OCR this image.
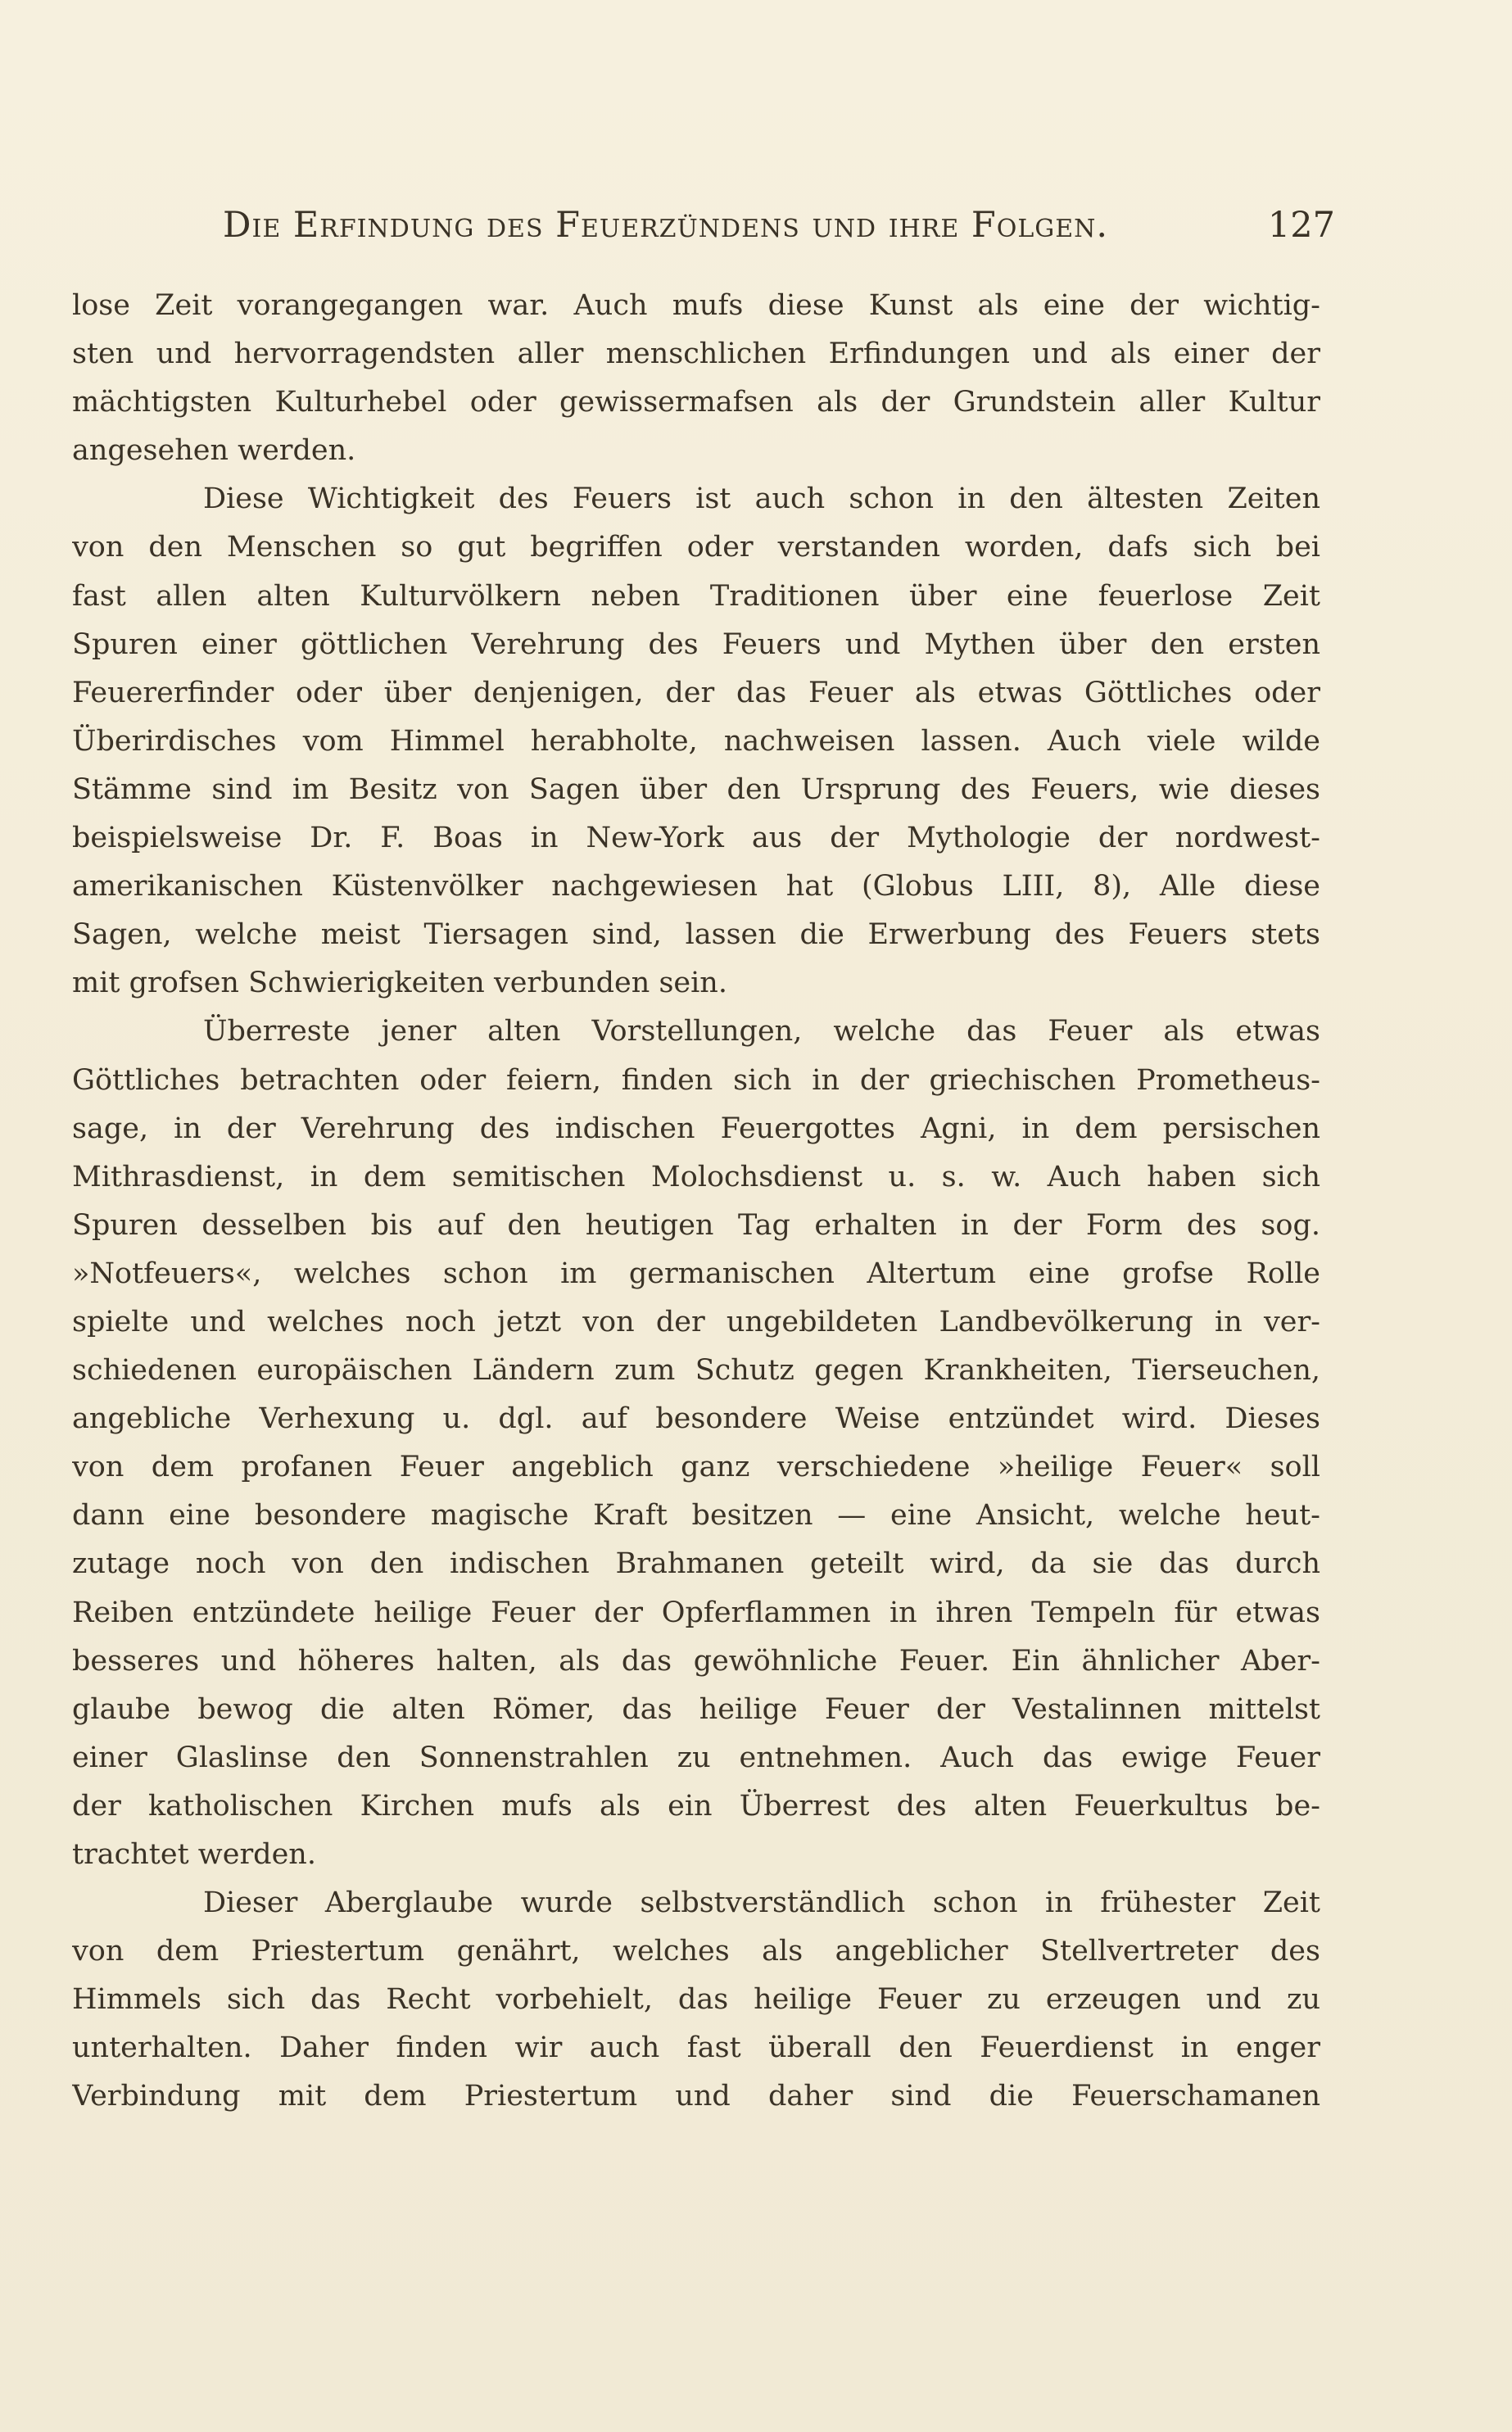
Die Erfindung des Feuerzündens und ihre Folgen.	127
lose Zeit vorangegangen war. Auch mufs diese Kunst als eine der wichtig-
sten und hervorragendsten aller menschlichen Erfindungen und als einer der
mächtigsten Kulturhebel oder gewissermafsen als der Grundstein aller Kultur
angesehen werden.
Diese Wichtigkeit des Feuers ist auch schon in den ältesten Zeiten
von den Menschen so gut begriffen oder verstanden worden, dafs sich bei
fast allen alten Kulturvölkern neben Traditionen über eine feuerlose Zeit
Spuren einer göttlichen Verehrung des Feuers und Mythen über den ersten
Feuererfinder oder über denjenigen, der das Feuer als etwas Göttliches oder
Überirdisches vom Himmel herabholte, nachweisen lassen. Auch viele wilde
Stämme sind im Besitz von Sagen über den Ursprung des Feuers, wie dieses
beispielsweise Dr. F. Boas in New-York aus der Mythologie der nordwest-
amerikanischen Küstenvölker nachgewiesen hat (Globus LIII, 8), Alle diese
Sagen, welche meist Tiersagen sind, lassen die Erwerbung des Feuers stets
mit grofsen Schwierigkeiten verbunden sein.
Überreste jener alten Vorstellungen, welche das Feuer als etwas
Göttliches betrachten oder feiern, finden sich in der griechischen Prometheus-
sage, in der Verehrung des indischen Feuergottes Agni, in dem persischen
Mithrasdienst, in dem semitischen Molochsdienst u. s. w. Auch haben sich
Spuren desselben bis auf den heutigen Tag erhalten in der Form des sog.
»Notfeuers«, welches schon im germanischen Altertum eine grofse Rolle
spielte und welches noch jetzt von der ungebildeten Landbevölkerung in ver-
schiedenen europäischen Ländern zum Schutz gegen Krankheiten, Tierseuchen,
angebliche Verhexung u. dgl. auf besondere Weise entzündet wird. Dieses
von dem profanen Feuer angeblich ganz verschiedene »heilige Feuer« soll
dann eine besondere magische Kraft besitzen — eine Ansicht, welche heut-
zutage noch von den indischen Brahmanen geteilt wird, da sie das durch
Reiben entzündete heilige Feuer der Opferflammen in ihren Tempeln für etwas
besseres und höheres halten, als das gewöhnliche Feuer. Ein ähnlicher Aber-
glaube bewog die alten Römer, das heilige Feuer der Vestalinnen mittelst
einer Glaslinse den Sonnenstrahlen zu entnehmen. Auch das ewige Feuer
der katholischen Kirchen mufs als ein Überrest des alten Feuerkultus be-
trachtet werden.
Dieser Aberglaube wurde selbstverständlich schon in frühester Zeit
von dem Priestertum genährt, welches als angeblicher Stellvertreter des
Himmels sich das Recht vorbehielt, das heilige Feuer zu erzeugen und zu
unterhalten. Daher finden wir auch fast überall den Feuerdienst in enger
Verbindung mit dem Priestertum und daher sind die Feuerschamanen
